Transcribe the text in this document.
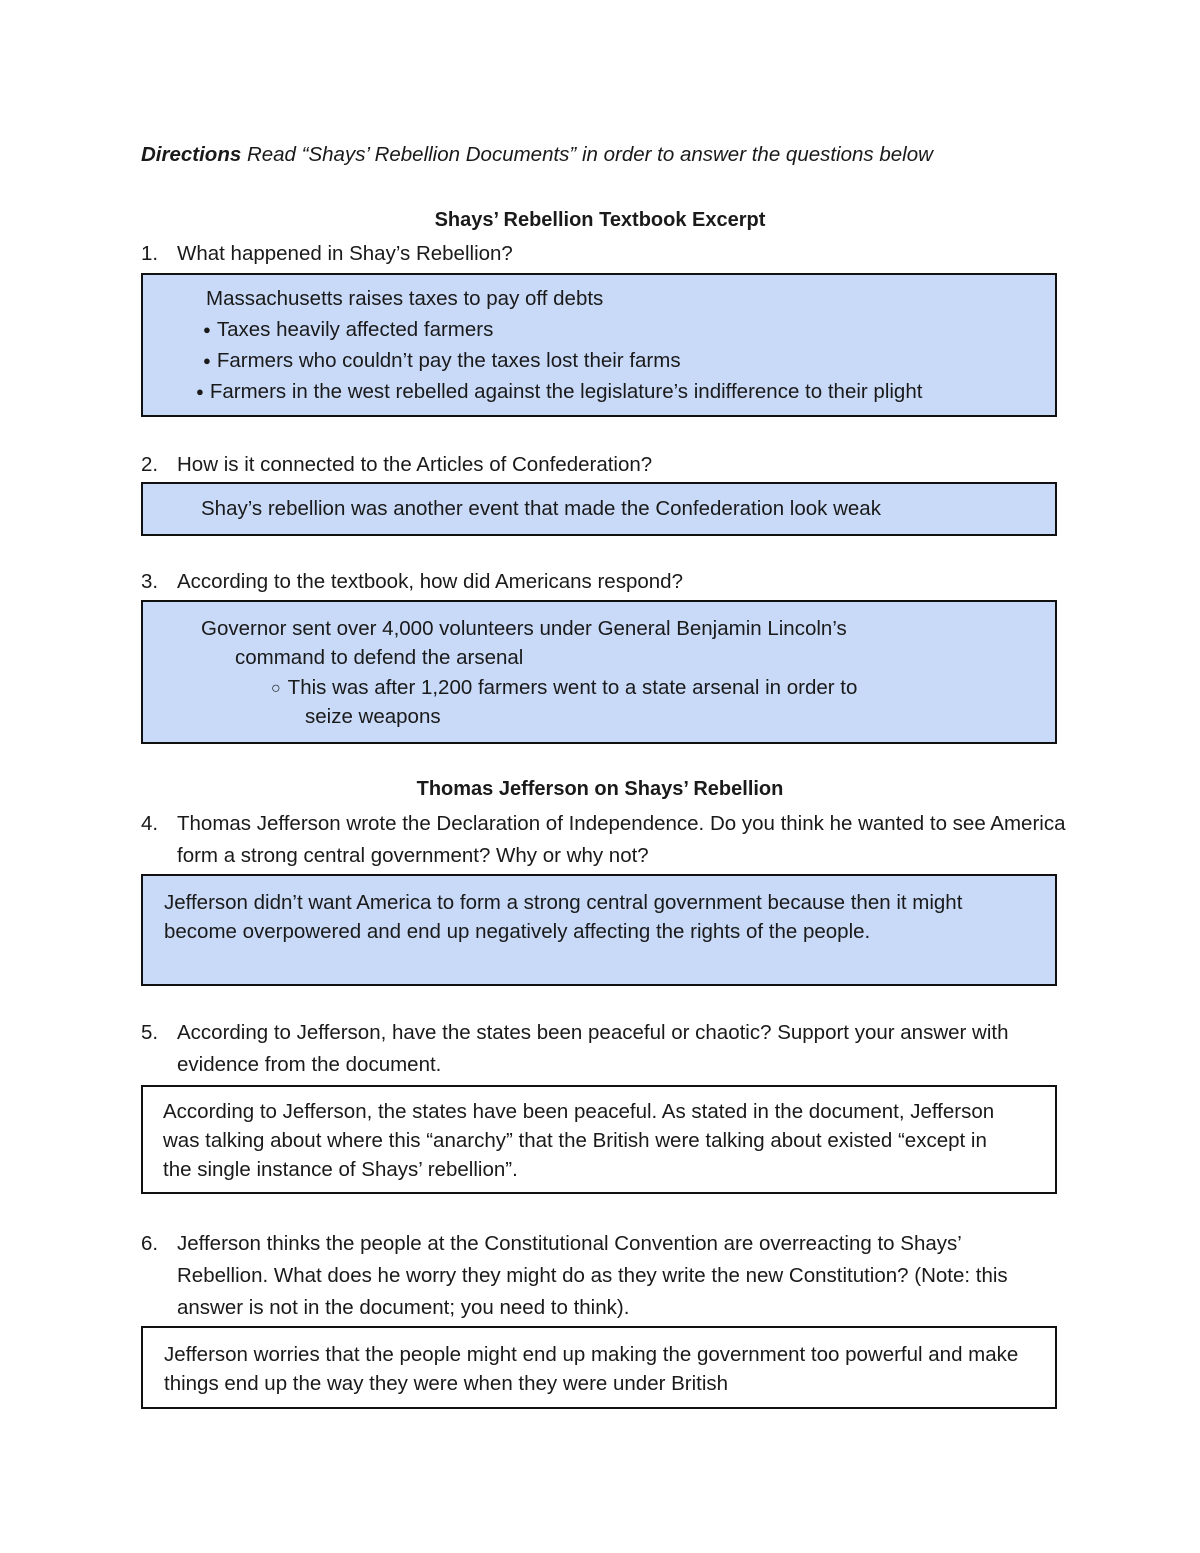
Directions Read “Shays’ Rebellion Documents” in order to answer the questions below
Shays’ Rebellion Textbook Excerpt
1. What happened in Shay’s Rebellion?
Massachusetts raises taxes to pay off debts
● Taxes heavily affected farmers
● Farmers who couldn’t pay the taxes lost their farms
● Farmers in the west rebelled against the legislature’s indifference to their plight
2. How is it connected to the Articles of Confederation?
Shay’s rebellion was another event that made the Confederation look weak
3. According to the textbook, how did Americans respond?
Governor sent over 4,000 volunteers under General Benjamin Lincoln’s
command to defend the arsenal
○ This was after 1,200 farmers went to a state arsenal in order to
seize weapons
Thomas Jefferson on Shays’ Rebellion
4. Thomas Jefferson wrote the Declaration of Independence. Do you think he wanted to see America form a strong central government? Why or why not?
Jefferson didn’t want America to form a strong central government because then it might become overpowered and end up negatively affecting the rights of the people.
5. According to Jefferson, have the states been peaceful or chaotic? Support your answer with evidence from the document.
According to Jefferson, the states have been peaceful. As stated in the document, Jefferson was talking about where this “anarchy” that the British were talking about existed “except in the single instance of Shays’ rebellion”.
6. Jefferson thinks the people at the Constitutional Convention are overreacting to Shays’ Rebellion. What does he worry they might do as they write the new Constitution? (Note: this answer is not in the document; you need to think).
Jefferson worries that the people might end up making the government too powerful and make things end up the way they were when they were under British
